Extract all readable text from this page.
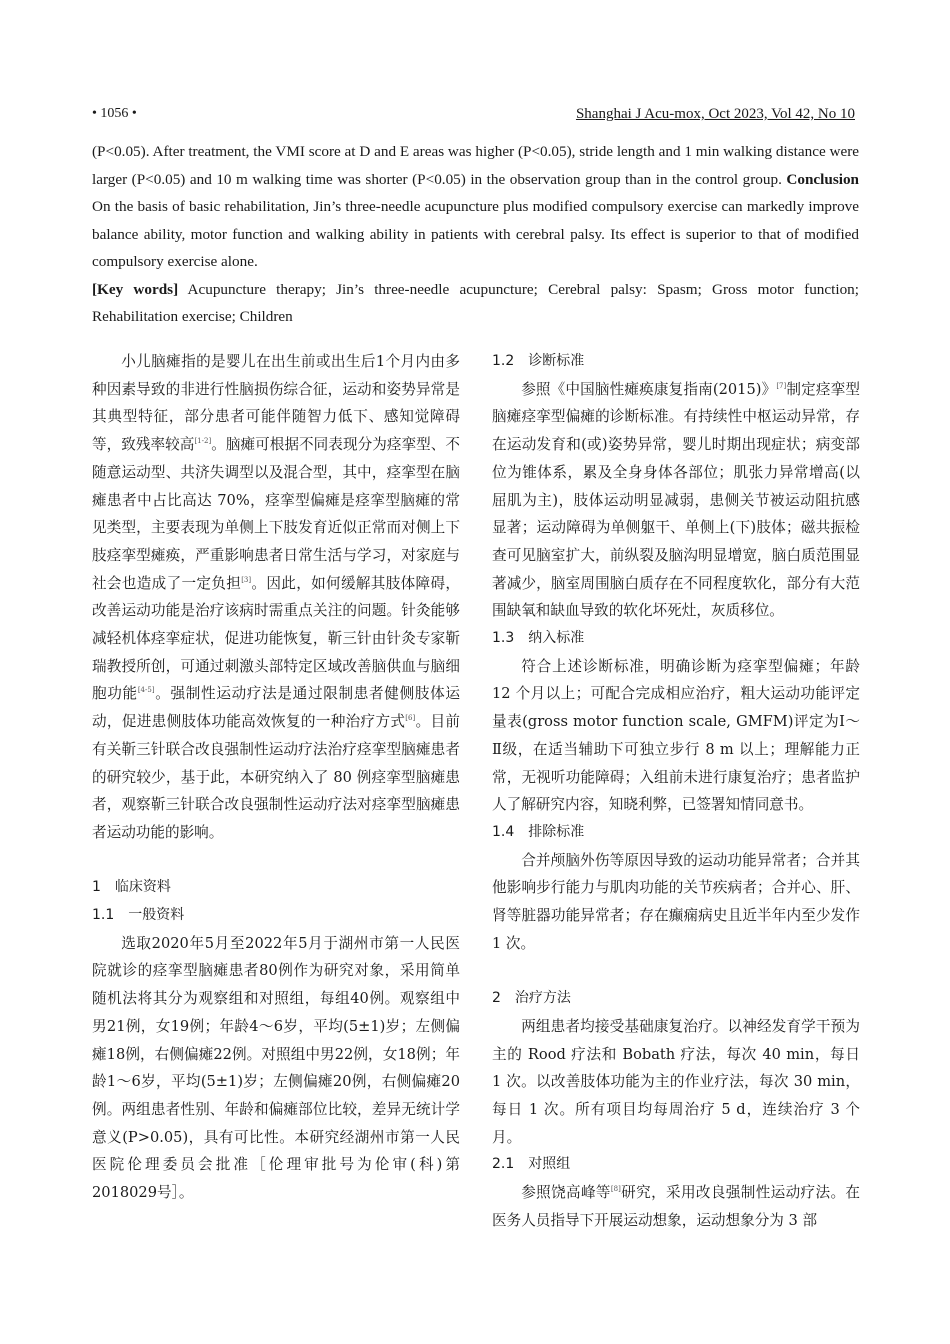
• 1056 •	Shanghai J Acu-mox, Oct 2023, Vol 42, No 10

(P<0.05). After treatment, the VMI score at D and E areas was higher (P<0.05), stride length and 1 min walking distance were larger (P<0.05) and 10 m walking time was shorter (P<0.05) in the observation group than in the control group. Conclusion On the basis of basic rehabilitation, Jin’s three-needle acupuncture plus modified compulsory exercise can markedly improve balance ability, motor function and walking ability in patients with cerebral palsy. Its effect is superior to that of modified compulsory exercise alone.

[Key words] Acupuncture therapy; Jin’s three-needle acupuncture; Cerebral palsy: Spasm; Gross motor function; Rehabilitation exercise; Children

小儿脑瘫指的是婴儿在出生前或出生后1个月内由多种因素导致的非进行性脑损伤综合征，运动和姿势异常是其典型特征，部分患者可能伴随智力低下、感知觉障碍等，致残率较高[1-2]。脑瘫可根据不同表现分为痉挛型、不随意运动型、共济失调型以及混合型，其中，痉挛型在脑瘫患者中占比高达 70%，痉挛型偏瘫是痉挛型脑瘫的常见类型，主要表现为单侧上下肢发育近似正常而对侧上下肢痉挛型瘫痪，严重影响患者日常生活与学习，对家庭与社会也造成了一定负担[3]。因此，如何缓解其肢体障碍，改善运动功能是治疗该病时需重点关注的问题。针灸能够减轻机体痉挛症状，促进功能恢复，靳三针由针灸专家靳瑞教授所创，可通过刺激头部特定区域改善脑供血与脑细胞功能[4-5]。强制性运动疗法是通过限制患者健侧肢体运动，促进患侧肢体功能高效恢复的一种治疗方式[6]。目前有关靳三针联合改良强制性运动疗法治疗痉挛型脑瘫患者的研究较少，基于此，本研究纳入了 80 例痉挛型脑瘫患者，观察靳三针联合改良强制性运动疗法对痉挛型脑瘫患者运动功能的影响。

1 临床资料
1.1 一般资料

选取2020年5月至2022年5月于湖州市第一人民医院就诊的痉挛型脑瘫患者80例作为研究对象，采用简单随机法将其分为观察组和对照组，每组40例。观察组中男21例，女19例；年龄4～6岁，平均(5±1)岁；左侧偏瘫18例，右侧偏瘫22例。对照组中男22例，女18例；年龄1～6岁，平均(5±1)岁；左侧偏瘫20例，右侧偏瘫20例。两组患者性别、年龄和偏瘫部位比较，差异无统计学意义(P>0.05)，具有可比性。本研究经湖州市第一人民医院伦理委员会批准［伦理审批号为伦审(科)第2018029号］。

1.2 诊断标准

参照《中国脑性瘫痪康复指南(2015)》[7]制定痉挛型脑瘫痉挛型偏瘫的诊断标准。有持续性中枢运动异常，存在运动发育和(或)姿势异常，婴儿时期出现症状；病变部位为锥体系，累及全身身体各部位；肌张力异常增高(以屈肌为主)，肢体运动明显减弱，患侧关节被运动阻抗感显著；运动障碍为单侧躯干、单侧上(下)肢体；磁共振检查可见脑室扩大，前纵裂及脑沟明显增宽，脑白质范围显著减少，脑室周围脑白质存在不同程度软化，部分有大范围缺氧和缺血导致的软化坏死灶，灰质移位。

1.3 纳入标准

符合上述诊断标准，明确诊断为痉挛型偏瘫；年龄12 个月以上；可配合完成相应治疗，粗大运动功能评定量表(gross motor function scale, GMFM)评定为Ⅰ～Ⅱ级，在适当辅助下可独立步行 8 m 以上；理解能力正常，无视听功能障碍；入组前未进行康复治疗；患者监护人了解研究内容，知晓利弊，已签署知情同意书。

1.4 排除标准

合并颅脑外伤等原因导致的运动功能异常者；合并其他影响步行能力与肌肉功能的关节疾病者；合并心、肝、肾等脏器功能异常者；存在癫痫病史且近半年内至少发作 1 次。

2 治疗方法

两组患者均接受基础康复治疗。以神经发育学干预为主的 Rood 疗法和 Bobath 疗法，每次 40 min，每日 1 次。以改善肢体功能为主的作业疗法，每次 30 min，每日 1 次。所有项目均每周治疗 5 d，连续治疗 3 个月。

2.1 对照组

参照饶高峰等[8]研究，采用改良强制性运动疗法。在医务人员指导下开展运动想象，运动想象分为 3 部
